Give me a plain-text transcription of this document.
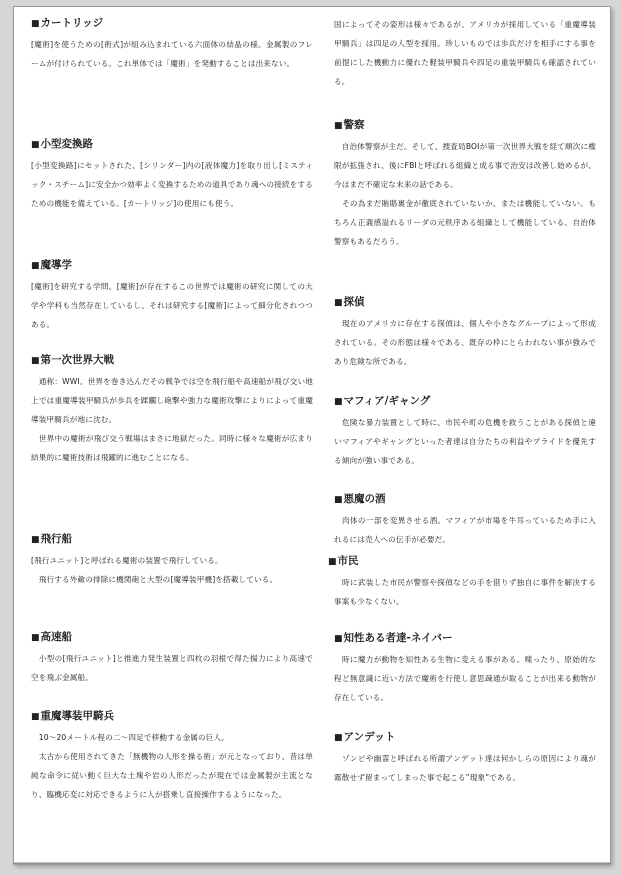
■カートリッジ

[魔術]を使うための[術式]が組み込まれている六面体の結晶の様。金属製のフレームが付けられている。これ単体では「魔術」を発動することは出来ない。

■小型変換路

[小型変換路]にセットされた、[シリンダー]内の[液体魔力]を取り出し[ミスティック・スチーム]に安全かつ効率よく変換するための道具であり魂への接続をするための機能を備えている。[カートリッジ]の使用にも使う。

■魔導学

[魔術]を研究する学問。[魔術]が存在するこの世界では魔術の研究に関しての大学や学科も当然存在しているし、それは研究する[魔術]によって細分化されつつある。

■第一次世界大戦

　通称：WWI。世界を巻き込んだその戦争では空を飛行船や高速船が飛び交い地上では重魔導装甲騎兵が歩兵を蹂躙し砲撃や強力な魔術攻撃によりによって重魔導装甲騎兵が地に沈む。
　世界中の魔術が飛び交う戦場はまさに地獄だった。同時に様々な魔術が広まり結果的に魔術技術は飛躍的に進むことになる。

■飛行船

[飛行ユニット]と呼ばれる魔術の装置で飛行している。
　飛行する外敵の排除に機関砲と大型の[魔導装甲機]を搭載している。

■高速船

　小型の[飛行ユニット]と推進力発生装置と四枚の羽根で得た揚力により高速で空を飛ぶ金属船。

■重魔導装甲騎兵

　10～20メートル程の二～四足で移動する金属の巨人。
　太古から使用されてきた「無機物の人形を操る術」が元となっており、昔は単純な命令に従い動く巨大な土塊や岩の人形だったが現在では金属製が主流となり、臨機応変に対応できるように人が搭乗し直接操作するようになった。

国によってその姿形は様々であるが、アメリカが採用している「重魔導装甲騎兵」は四足の人型を採用。珍しいものでは歩兵だけを相手にする事を前提にした機動力に優れた軽装甲騎兵や四足の重装甲騎兵も確認されている。

■警察

　自治体警察が主だ。そして、捜査局BOIが第一次世界大戦を経て順次に権限が拡張され、後にFBIと呼ばれる組織と成る事で治安は改善し始めるが、今はまだ不確定な未来の話である。
　その為まだ賄賂裏金が徹底されていないか、または機能していない。もちろん正義感溢れるリーダの元秩序ある組織として機能している、自治体警察もあるだろう。

■探偵

　現在のアメリカに存在する探偵は、個人や小さなグループによって形成されている。その形態は様々である、既存の枠にとらわれない事が強みであり危険な所である。

■マフィア/ギャング

　危険な暴力装置として時に、市民や町の危機を救うことがある探偵と違いマフィアやギャングといった者達は自分たちの利益やプライドを優先する傾向が強い事である。

■悪魔の酒

　肉体の一部を変異させる酒。マフィアが市場を牛耳っているため手に入れるには売人への伝手が必要だ。

■市民

　時に武装した市民が警察や探偵などの手を借りず独自に事件を解決する事案も少なくない。

■知性ある者達-ネイバー

　時に魔力が動物を知性ある生物に変える事がある。喋ったり、原始的な程ど無意識に近い方法で魔術を行使し意思疎通が取ることが出来る動物が存在している。

■アンデット

　ゾンビや幽霊と呼ばれる所謂アンデット達は何かしらの原因により魂が霧散せず留まってしまった事で起こる”現象”である。
